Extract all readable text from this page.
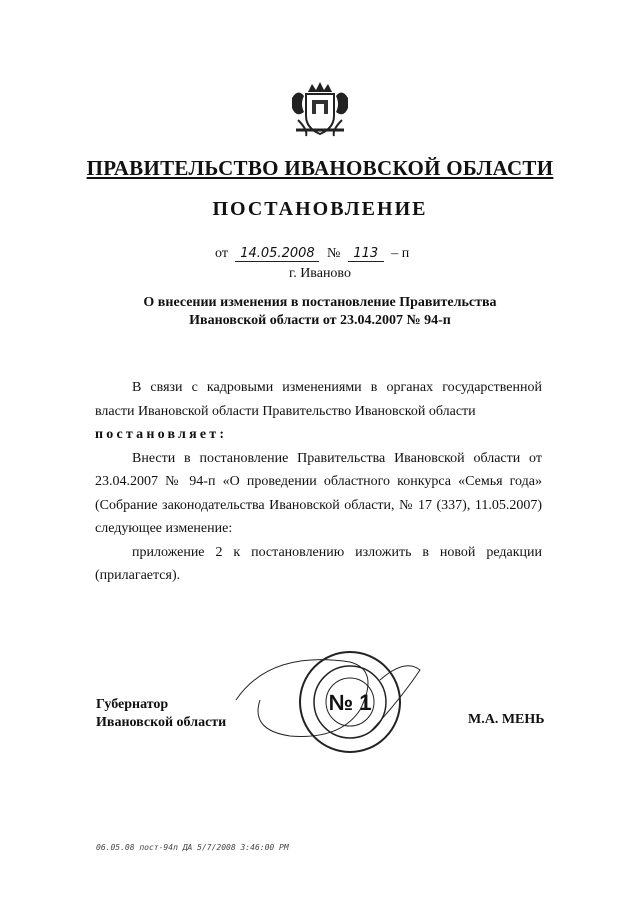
ПРАВИТЕЛЬСТВО ИВАНОВСКОЙ ОБЛАСТИ
ПОСТАНОВЛЕНИЕ
от 14.05.2008 № 113 – п
г. Иваново
О внесении изменения в постановление Правительства
Ивановской области от 23.04.2007 № 94-п

В связи с кадровыми изменениями в органах государственной власти Ивановской области Правительство Ивановской области

постановляет:

Внести в постановление Правительства Ивановской области от 23.04.2007 № 94-п «О проведении областного конкурса «Семья года» (Собрание законодательства Ивановской области, № 17 (337), 11.05.2007) следующее изменение:

приложение 2 к постановлению изложить в новой редакции (прилагается).

№ 1
Губернатор
Ивановской области	М.А. МЕНЬ
06.05.08 пост-94п ДА 5/7/2008 3:46:00 PM
